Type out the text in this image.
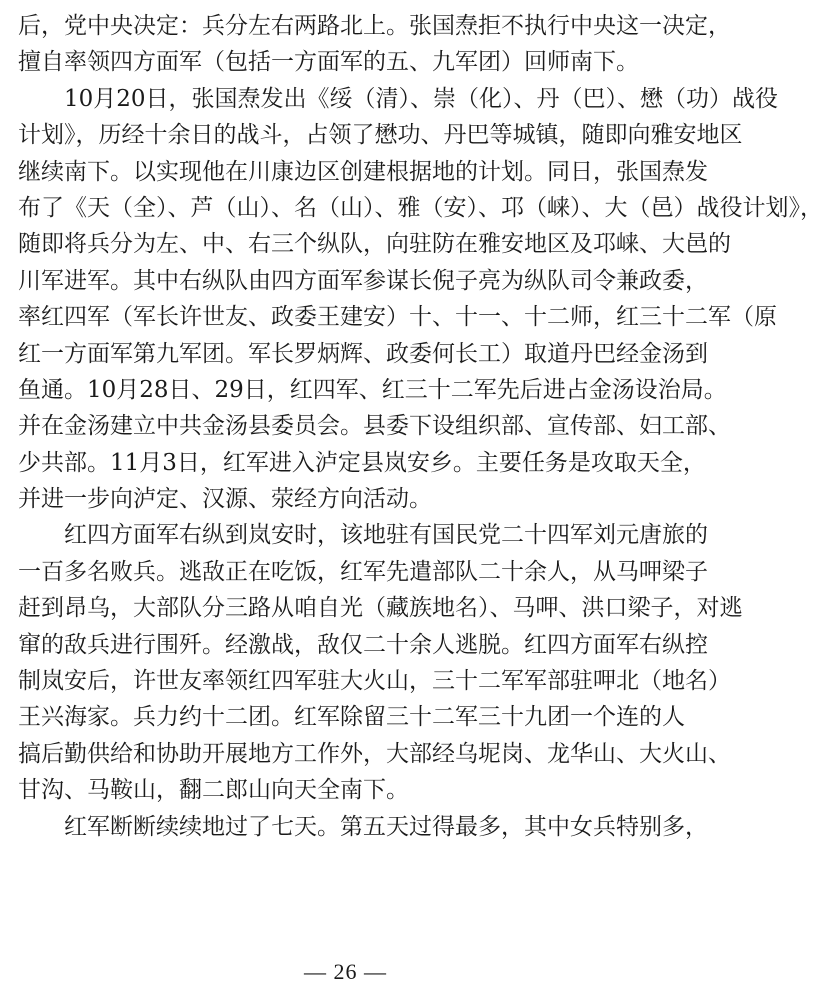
后，党中央决定：兵分左右两路北上。张国焘拒不执行中央这一决定，
擅自率领四方面军（包括一方面军的五、九军团）回师南下。
10月20日，张国焘发出《绥（清）、崇（化）、丹（巴）、懋（功）战役
计划》，历经十余日的战斗，占领了懋功、丹巴等城镇，随即向雅安地区
继续南下。以实现他在川康边区创建根据地的计划。同日，张国焘发
布了《天（全）、芦（山）、名（山）、雅（安）、邛（崃）、大（邑）战役计划》，
随即将兵分为左、中、右三个纵队，向驻防在雅安地区及邛崃、大邑的
川军进军。其中右纵队由四方面军参谋长倪子亮为纵队司令兼政委，
率红四军（军长许世友、政委王建安）十、十一、十二师，红三十二军（原
红一方面军第九军团。军长罗炳辉、政委何长工）取道丹巴经金汤到
鱼通。10月28日、29日，红四军、红三十二军先后进占金汤设治局。
并在金汤建立中共金汤县委员会。县委下设组织部、宣传部、妇工部、
少共部。11月3日，红军进入泸定县岚安乡。主要任务是攻取天全，
并进一步向泸定、汉源、荥经方向活动。
红四方面军右纵到岚安时，该地驻有国民党二十四军刘元唐旅的
一百多名败兵。逃敌正在吃饭，红军先遣部队二十余人，从马呷梁子
赶到昂乌，大部队分三路从咱自光（藏族地名）、马呷、洪口梁子，对逃
窜的敌兵进行围歼。经激战，敌仅二十余人逃脱。红四方面军右纵控
制岚安后，许世友率领红四军驻大火山，三十二军军部驻呷北（地名）
王兴海家。兵力约十二团。红军除留三十二军三十九团一个连的人
搞后勤供给和协助开展地方工作外，大部经乌坭岗、龙华山、大火山、
甘沟、马鞍山，翻二郎山向天全南下。
红军断断续续地过了七天。第五天过得最多，其中女兵特别多，
— 26 —
